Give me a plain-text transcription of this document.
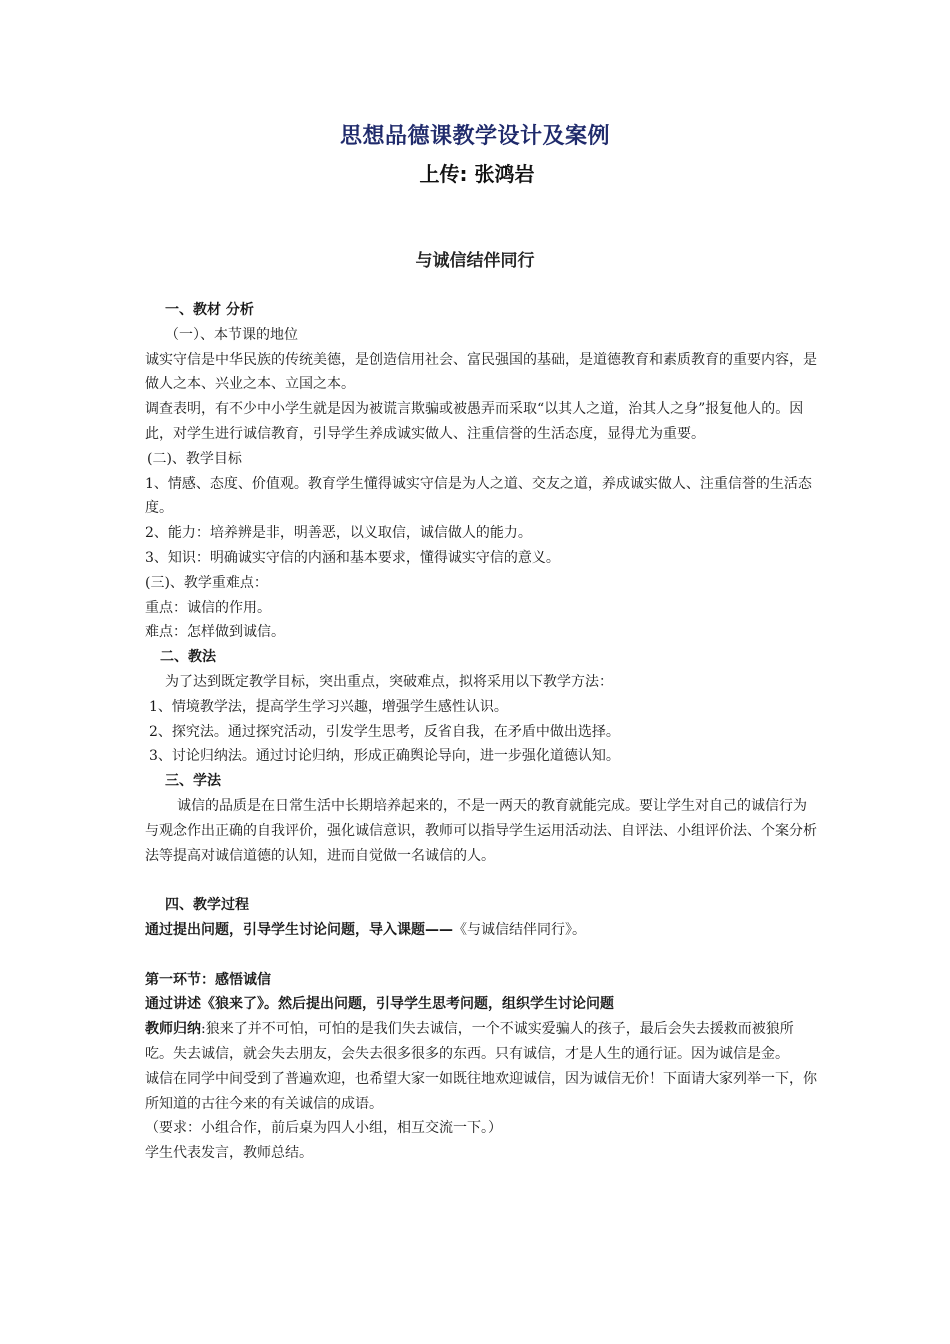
思想品德课教学设计及案例
上传: 张鸿岩
与诚信结伴同行

一、教材 分析

（一）、本节课的地位

诚实守信是中华民族的传统美德，是创造信用社会、富民强国的基础，是道德教育和素质教育的重要内容，是做人之本、兴业之本、立国之本。

调查表明，有不少中小学生就是因为被谎言欺骗或被愚弄而采取“以其人之道，治其人之身”报复他人的。因此，对学生进行诚信教育，引导学生养成诚实做人、注重信誉的生活态度，显得尤为重要。

(二)、教学目标

1、情感、态度、价值观。教育学生懂得诚实守信是为人之道、交友之道，养成诚实做人、注重信誉的生活态度。

2、能力：培养辨是非，明善恶，以义取信，诚信做人的能力。

3、知识：明确诚实守信的内涵和基本要求，懂得诚实守信的意义。

(三)、教学重难点：

重点：诚信的作用。

难点：怎样做到诚信。

二、教法

为了达到既定教学目标，突出重点，突破难点，拟将采用以下教学方法：

1、情境教学法，提高学生学习兴趣，增强学生感性认识。

2、探究法。通过探究活动，引发学生思考，反省自我，在矛盾中做出选择。

3、讨论归纳法。通过讨论归纳，形成正确舆论导向，进一步强化道德认知。

三、学法

诚信的品质是在日常生活中长期培养起来的，不是一两天的教育就能完成。要让学生对自己的诚信行为与观念作出正确的自我评价，强化诚信意识，教师可以指导学生运用活动法、自评法、小组评价法、个案分析法等提高对诚信道德的认知，进而自觉做一名诚信的人。

四、教学过程

通过提出问题，引导学生讨论问题，导入课题——《与诚信结伴同行》。

第一环节：感悟诚信

通过讲述《狼来了》。然后提出问题，引导学生思考问题，组织学生讨论问题

教师归纳:狼来了并不可怕，可怕的是我们失去诚信，一个不诚实爱骗人的孩子，最后会失去援救而被狼所吃。失去诚信，就会失去朋友，会失去很多很多的东西。只有诚信，才是人生的通行证。因为诚信是金。

诚信在同学中间受到了普遍欢迎，也希望大家一如既往地欢迎诚信，因为诚信无价！下面请大家列举一下，你所知道的古往今来的有关诚信的成语。

（要求：小组合作，前后桌为四人小组，相互交流一下。）

学生代表发言，教师总结。
